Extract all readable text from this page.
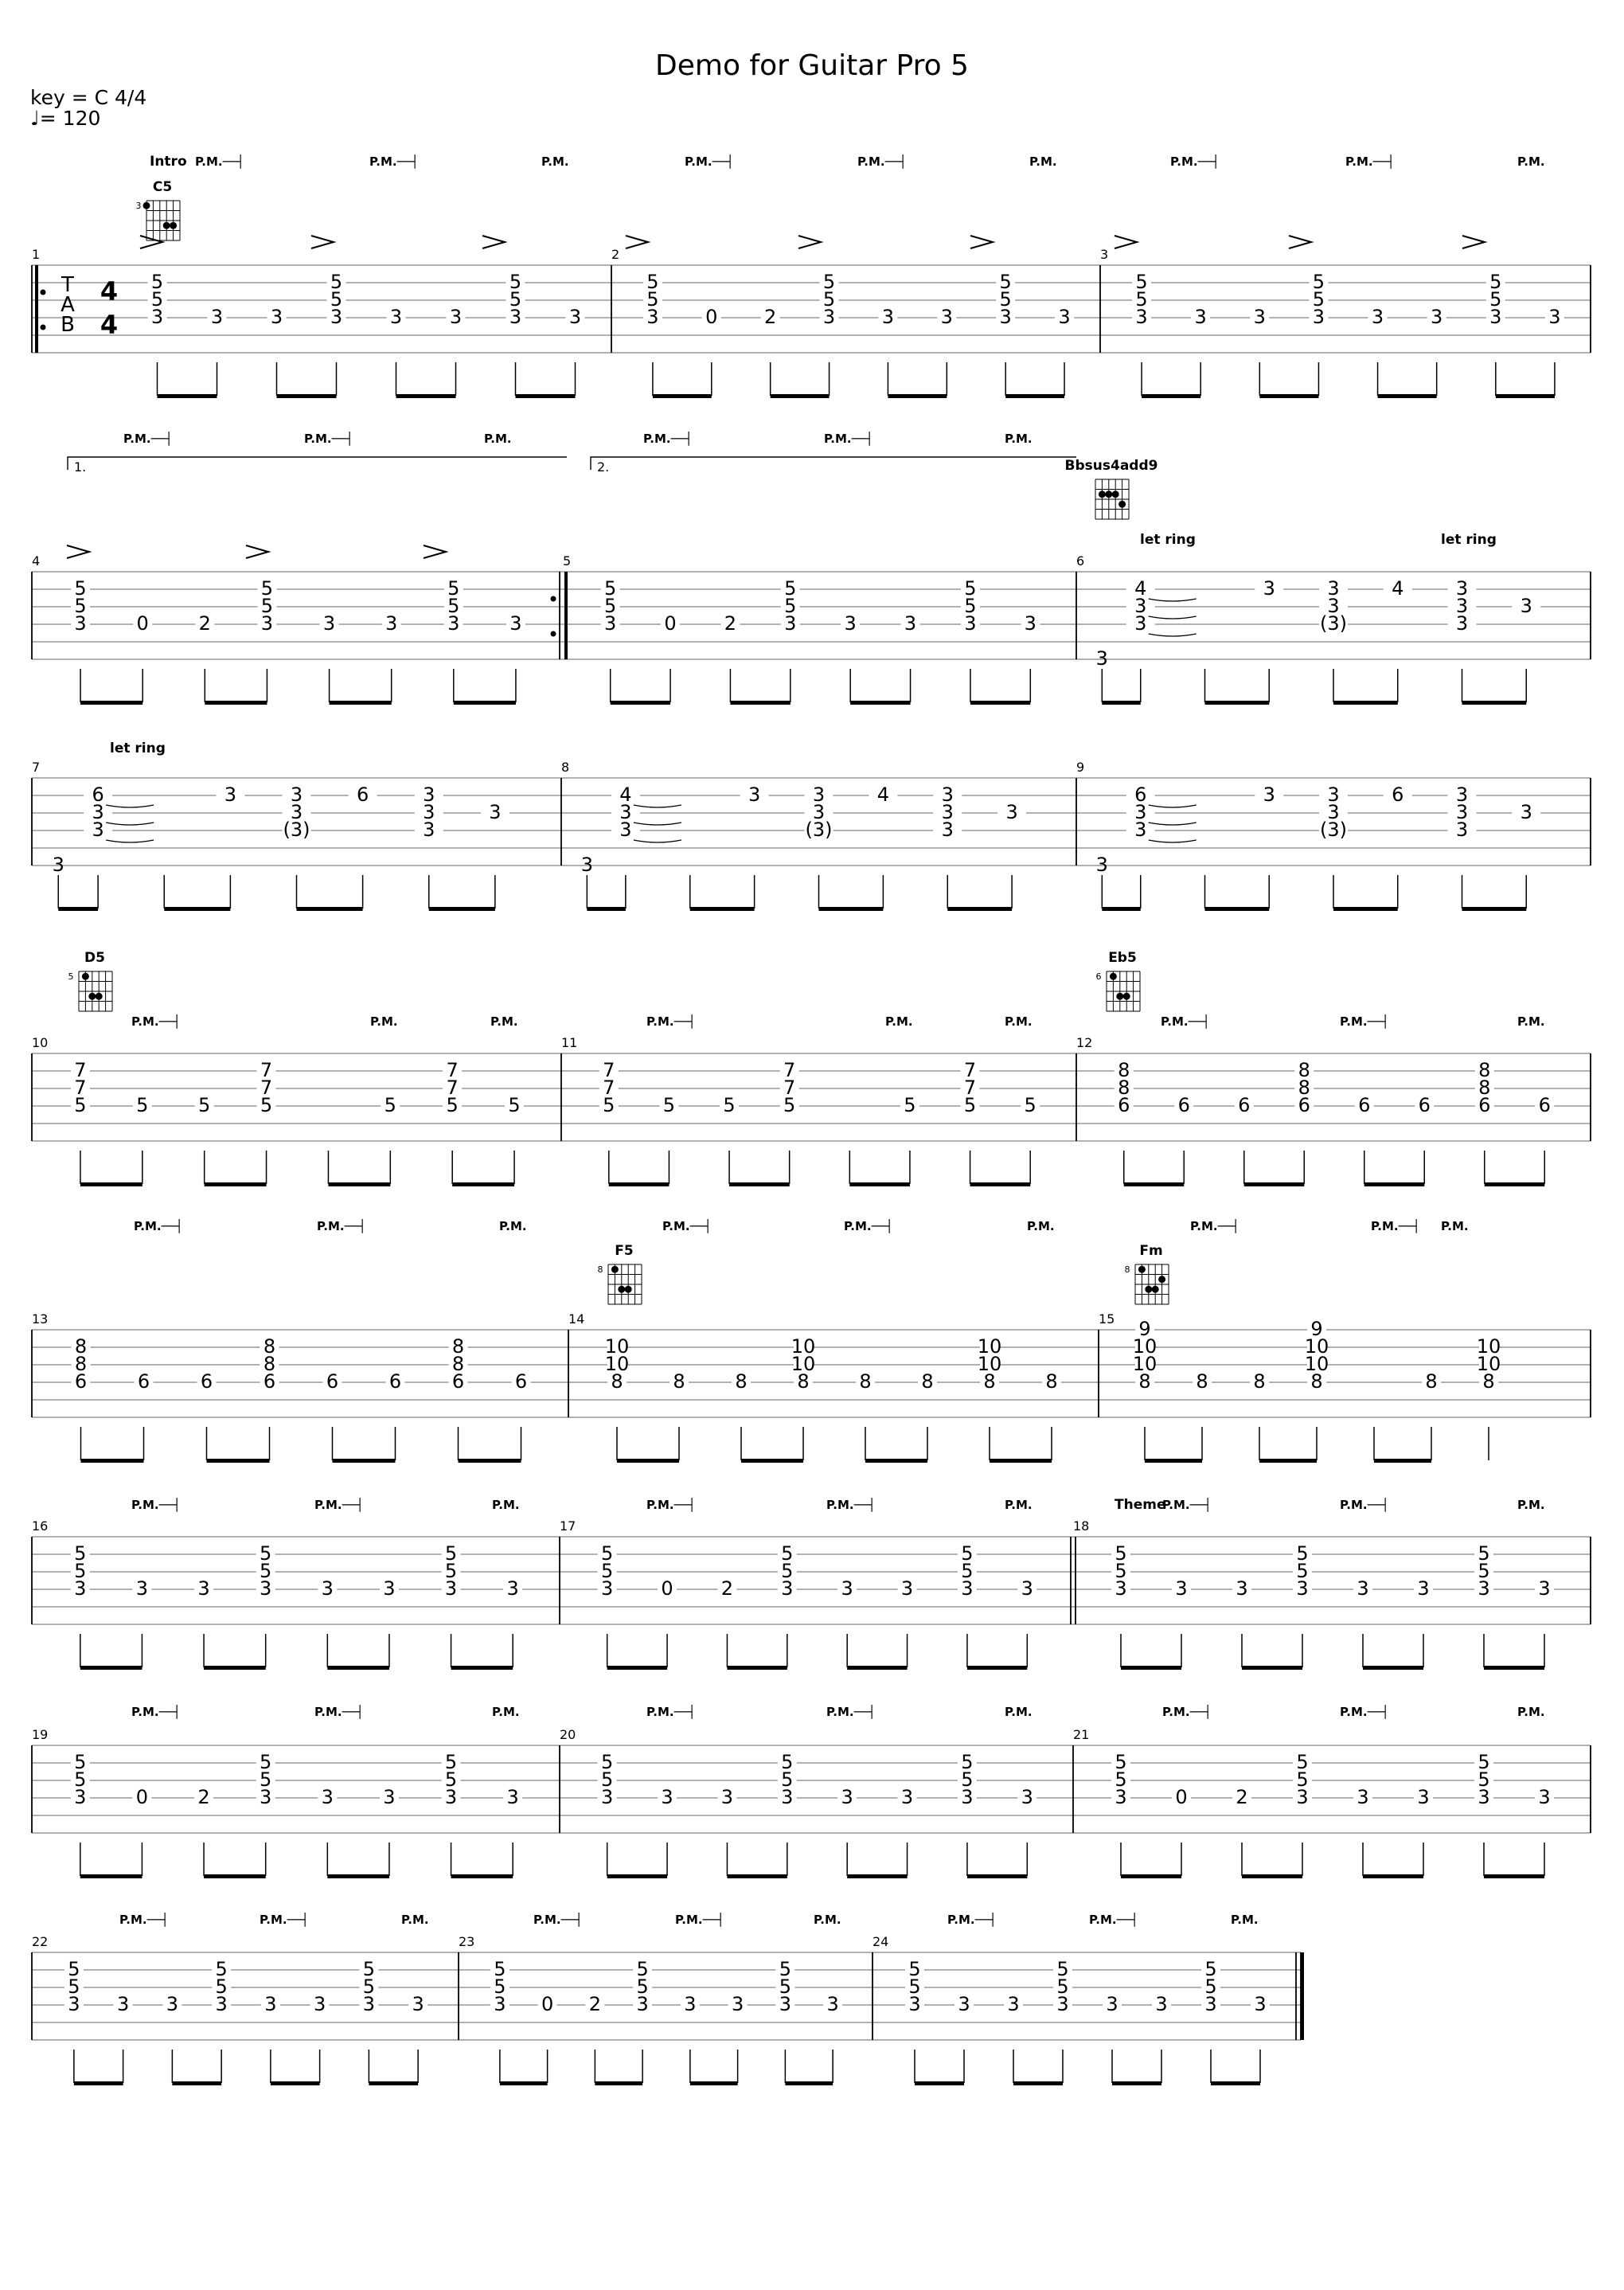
Demo for Guitar Pro 5
key = C 4/4
♩= 120
T
A
B
4
4
Intro
C5
3
1
5	5	5
5	5	5
3 3 3 3 3 3 3 3
2
5	5	5
5	5	5
3 0 2 3 3 3 3 3
3
5	5	5
5	5	5
3 3 3 3 3 3 3 3
P.M.──┤	P.M.──┤	P.M.	P.M.──┤	P.M.──┤	P.M.	P.M.──┤	P.M.──┤	P.M.
1.	2.
P.M.──┤	P.M.──┤	P.M.	P.M.──┤	P.M.──┤	P.M.
4
5	5	5
5	5	5
3	0	2	3	3	3	3	3
5
5	5	5
5	5	5
3	0	2	3	3	3	3	3
6
Bbsus4add9
let ring	let ring
4	3	3	4	3
3	3	3	3
3	(3)	3
3
let ring
7
6	3	3	6	3
3	3	3	3
3	(3)	3
3
8
4	3	3	4	3
3	3	3	3
3	(3)	3
3
9
6	3	3	6	3
3	3	3	3
3	(3)	3
3
D5
5
Eb5
6
P.M.──┤	P.M.	P.M.	P.M.──┤	P.M.	P.M.	P.M.──┤	P.M.──┤	P.M.
10
7	7	7
7	7	7
5	5	5	5	5	5	5
11
7	7	7
7	7	7
5	5	5	5	5	5	5
12
8	8	8
8	8	8
6	6	6	6	6	6	6	6
F5
8
Fm
8
P.M.──┤	P.M.──┤	P.M.	P.M.──┤	P.M.──┤	P.M.	P.M.──┤	P.M.──┤ P.M.
13
8	8	8
8	8	8
6	6	6	6	6	6	6	6
14
10	10	10
10	10	10
8	8	8	8	8	8	8	8
15 9	9
10	10	10
10	10	10
8 8 8 8	8 8
Theme
P.M.──┤	P.M.──┤	P.M.	P.M.──┤	P.M.──┤	P.M.	P.M.──┤	P.M.──┤	P.M.
16
5	5	5
5	5	5
3	3	3	3	3	3	3	3
17
5	5	5
5	5	5
3	0	2	3	3	3	3	3
18
5	5	5
5	5	5
3	3	3	3	3	3	3	3
P.M.──┤	P.M.──┤	P.M.	P.M.──┤	P.M.──┤	P.M.	P.M.──┤	P.M.──┤	P.M.
19
5	5	5
5	5	5
3	0	2	3	3	3	3	3
20
5	5	5
5	5	5
3	3	3	3	3	3	3	3
21
5	5	5
5	5	5
3	0	2	3	3	3	3	3
P.M.──┤	P.M.──┤	P.M.	P.M.──┤	P.M.──┤	P.M.	P.M.──┤	P.M.──┤	P.M.
22
5	5	5
5	5	5
3 3 3 3 3 3 3 3
23
5	5	5
5	5	5
3 0 2 3 3 3 3 3
24
5	5	5
5	5	5
3 3 3 3 3 3 3 3
